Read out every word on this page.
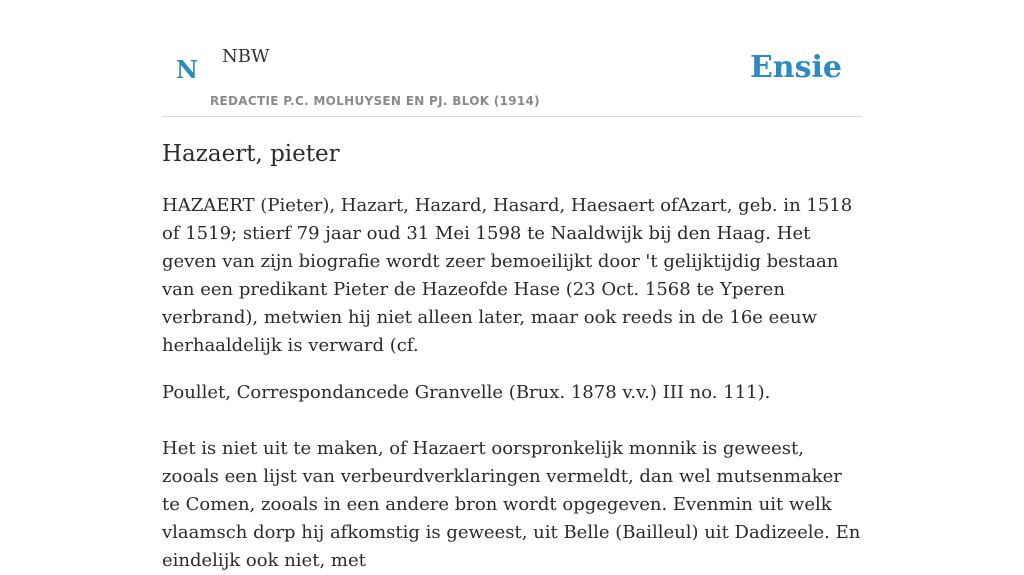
N NBW
REDACTIE P.C. MOLHUYSEN EN PJ. BLOK (1914)
Ensie
Hazaert, pieter

HAZAERT (Pieter), Hazart, Hazard, Hasard, Haesaert ofAzart, geb. in 1518 of 1519; stierf 79 jaar oud 31 Mei 1598 te Naaldwijk bij den Haag. Het geven van zijn biografie wordt zeer bemoeilijkt door 't gelijktijdig bestaan van een predikant Pieter de Hazeofde Hase (23 Oct. 1568 te Yperen verbrand), metwien hij niet alleen later, maar ook reeds in de 16e eeuw herhaaldelijk is verward (cf.

Poullet, Correspondancede Granvelle (Brux. 1878 v.v.) III no. 111).

Het is niet uit te maken, of Hazaert oorspronkelijk monnik is geweest, zooals een lijst van verbeurdverklaringen vermeldt, dan wel mutsenmaker te Comen, zooals in een andere bron wordt opgegeven. Evenmin uit welk vlaamsch dorp hij afkomstig is geweest, uit Belle (Bailleul) uit Dadizeele. En eindelijk ook niet, met
